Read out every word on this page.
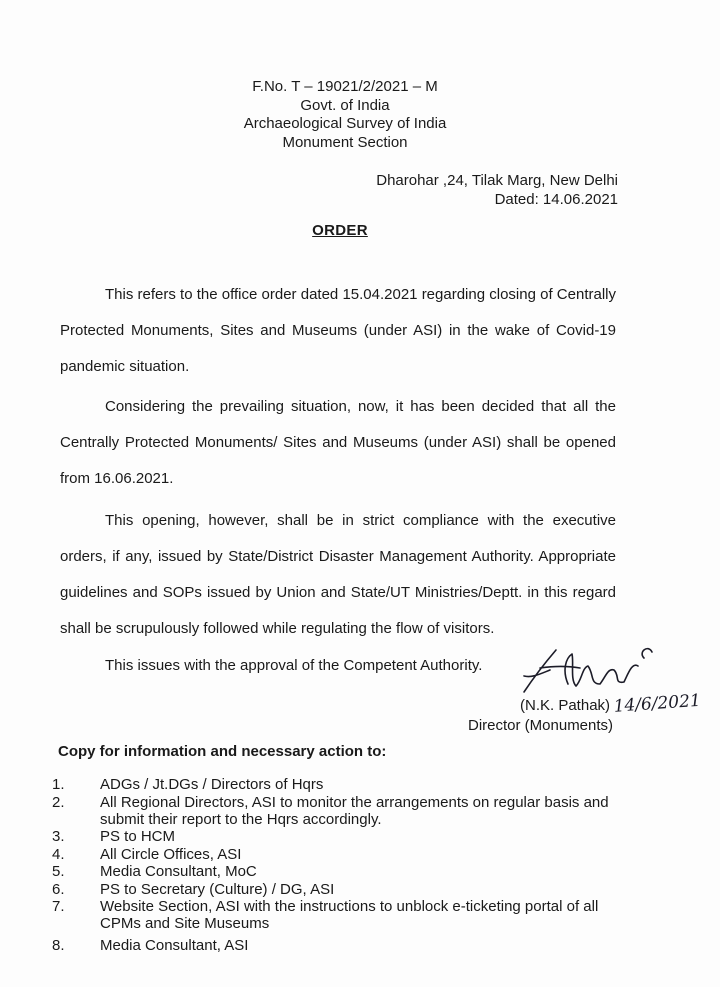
F.No. T – 19021/2/2021 – M
Govt. of India
Archaeological Survey of India
Monument Section
Dharohar ,24, Tilak Marg, New Delhi
Dated: 14.06.2021
ORDER

This refers to the office order dated 15.04.2021 regarding closing of Centrally Protected Monuments, Sites and Museums (under ASI) in the wake of Covid-19 pandemic situation.

Considering the prevailing situation, now, it has been decided that all the Centrally Protected Monuments/ Sites and Museums (under ASI) shall be opened from 16.06.2021.

This opening, however, shall be in strict compliance with the executive orders, if any, issued by State/District Disaster Management Authority. Appropriate guidelines and SOPs issued by Union and State/UT Ministries/Deptt. in this regard shall be scrupulously followed while regulating the flow of visitors.

This issues with the approval of the Competent Authority.

14/6/2021
(N.K. Pathak)
Director (Monuments)
Copy for information and necessary action to:
1.	ADGs / Jt.DGs / Directors of Hqrs
2.	All Regional Directors, ASI to monitor the arrangements on regular basis and submit their report to the Hqrs accordingly.
3.	PS to HCM
4.	All Circle Offices, ASI
5.	Media Consultant, MoC
6.	PS to Secretary (Culture) / DG, ASI
7.	Website Section, ASI with the instructions to unblock e-ticketing portal of all CPMs and Site Museums
8.	Media Consultant, ASI
